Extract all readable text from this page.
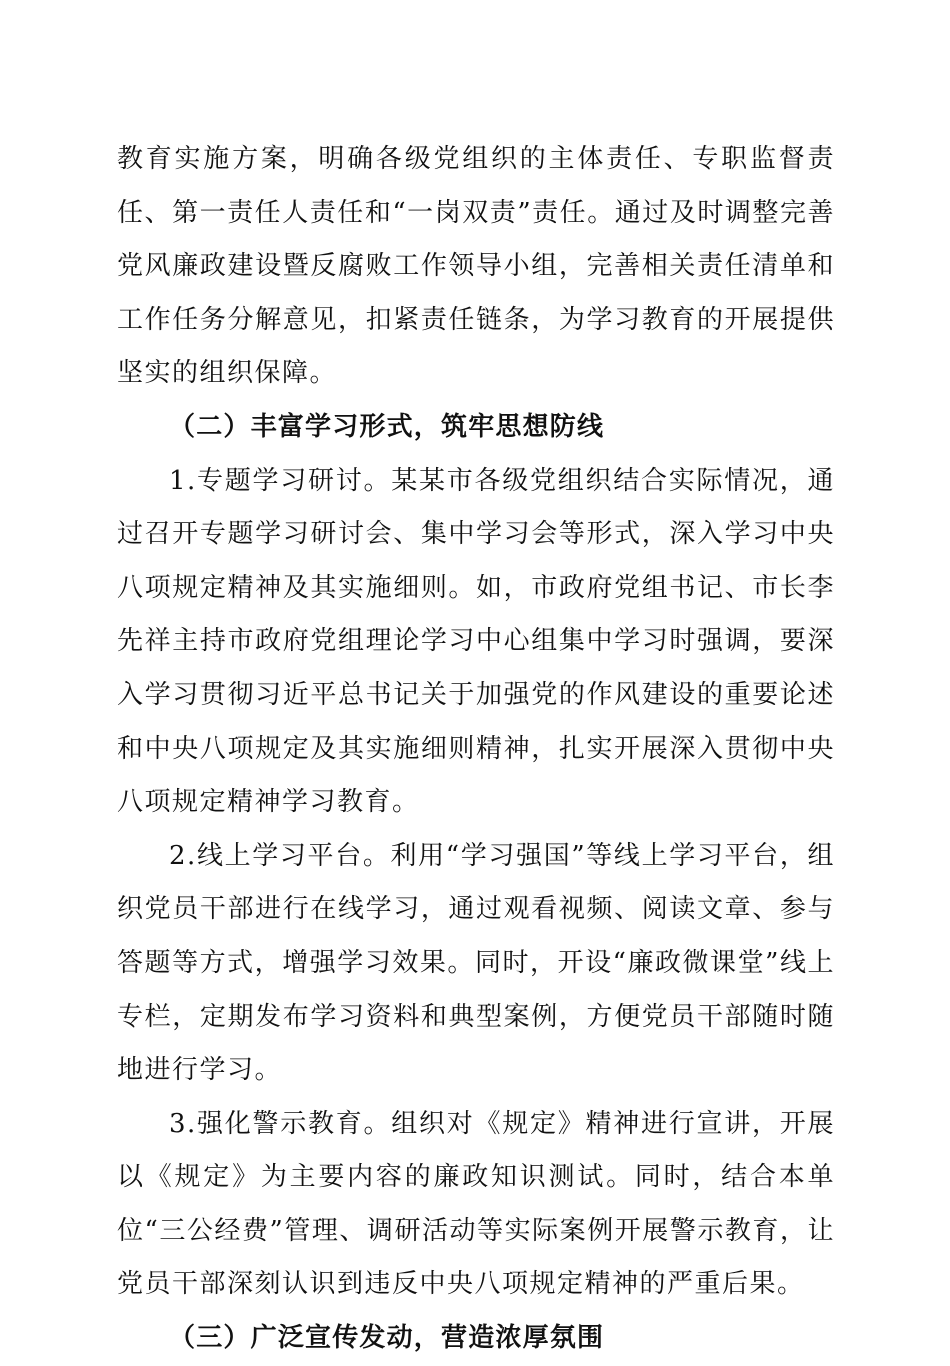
教育实施方案，明确各级党组织的主体责任、专职监督责任、第一责任人责任和“一岗双责”责任。通过及时调整完善党风廉政建设暨反腐败工作领导小组，完善相关责任清单和工作任务分解意见，扣紧责任链条，为学习教育的开展提供坚实的组织保障。

（二）丰富学习形式，筑牢思想防线

1.专题学习研讨。某某市各级党组织结合实际情况，通过召开专题学习研讨会、集中学习会等形式，深入学习中央八项规定精神及其实施细则。如，市政府党组书记、市长李先祥主持市政府党组理论学习中心组集中学习时强调，要深入学习贯彻习近平总书记关于加强党的作风建设的重要论述和中央八项规定及其实施细则精神，扎实开展深入贯彻中央八项规定精神学习教育。

2.线上学习平台。利用“学习强国”等线上学习平台，组织党员干部进行在线学习，通过观看视频、阅读文章、参与答题等方式，增强学习效果。同时，开设“廉政微课堂”线上专栏，定期发布学习资料和典型案例，方便党员干部随时随地进行学习。

3.强化警示教育。组织对《规定》精神进行宣讲，开展以《规定》为主要内容的廉政知识测试。同时，结合本单位“三公经费”管理、调研活动等实际案例开展警示教育，让党员干部深刻认识到违反中央八项规定精神的严重后果。

（三）广泛宣传发动，营造浓厚氛围
